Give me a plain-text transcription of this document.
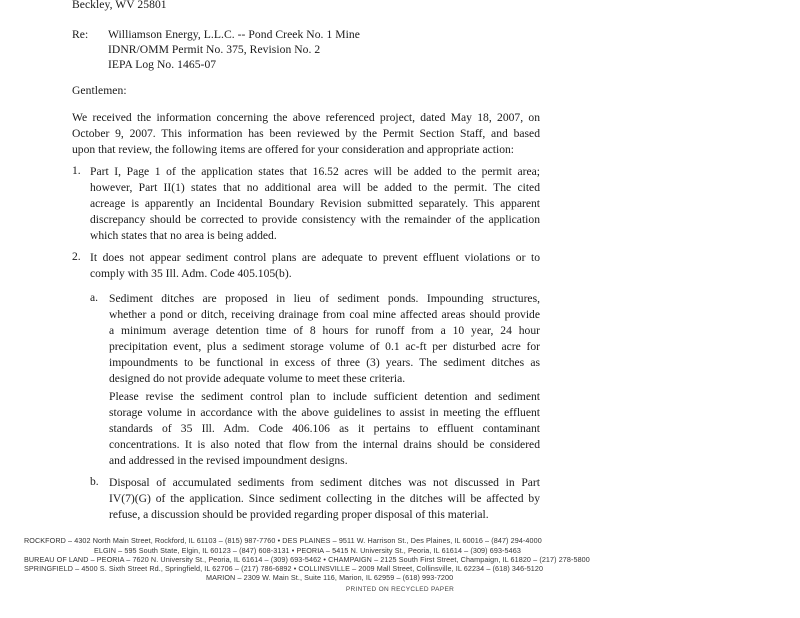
Beckley, WV 25801
Re: Williamson Energy, L.L.C. -- Pond Creek No. 1 Mine
IDNR/OMM Permit No. 375, Revision No. 2
IEPA Log No. 1465-07
Gentlemen:
We received the information concerning the above referenced project, dated May 18, 2007, on
October 9, 2007. This information has been reviewed by the Permit Section Staff, and based
upon that review, the following items are offered for your consideration and appropriate action:
1. Part I, Page 1 of the application states that 16.52 acres will be added to the permit area;
however, Part II(1) states that no additional area will be added to the permit. The cited
acreage is apparently an Incidental Boundary Revision submitted separately. This apparent
discrepancy should be corrected to provide consistency with the remainder of the application
which states that no area is being added.
2. It does not appear sediment control plans are adequate to prevent effluent violations or to
comply with 35 Ill. Adm. Code 405.105(b).
a. Sediment ditches are proposed in lieu of sediment ponds. Impounding structures,
whether a pond or ditch, receiving drainage from coal mine affected areas should provide
a minimum average detention time of 8 hours for runoff from a 10 year, 24 hour
precipitation event, plus a sediment storage volume of 0.1 ac-ft per disturbed acre for
impoundments to be functional in excess of three (3) years. The sediment ditches as
designed do not provide adequate volume to meet these criteria.
Please revise the sediment control plan to include sufficient detention and sediment
storage volume in accordance with the above guidelines to assist in meeting the effluent
standards of 35 Ill. Adm. Code 406.106 as it pertains to effluent contaminant
concentrations. It is also noted that flow from the internal drains should be considered
and addressed in the revised impoundment designs.
b. Disposal of accumulated sediments from sediment ditches was not discussed in Part
IV(7)(G) of the application. Since sediment collecting in the ditches will be affected by
refuse, a discussion should be provided regarding proper disposal of this material.
ROCKFORD – 4302 North Main Street, Rockford, IL 61103 – (815) 987-7760 • DES PLAINES – 9511 W. Harrison St., Des Plaines, IL 60016 – (847) 294-4000
ELGIN – 595 South State, Elgin, IL 60123 – (847) 608-3131 • PEORIA – 5415 N. University St., Peoria, IL 61614 – (309) 693-5463
BUREAU OF LAND – PEORIA – 7620 N. University St., Peoria, IL 61614 – (309) 693-5462 • CHAMPAIGN – 2125 South First Street, Champaign, IL 61820 – (217) 278-5800
SPRINGFIELD – 4500 S. Sixth Street Rd., Springfield, IL 62706 – (217) 786-6892 • COLLINSVILLE – 2009 Mall Street, Collinsville, IL 62234 – (618) 346-5120
MARION – 2309 W. Main St., Suite 116, Marion, IL 62959 – (618) 993-7200
PRINTED ON RECYCLED PAPER
